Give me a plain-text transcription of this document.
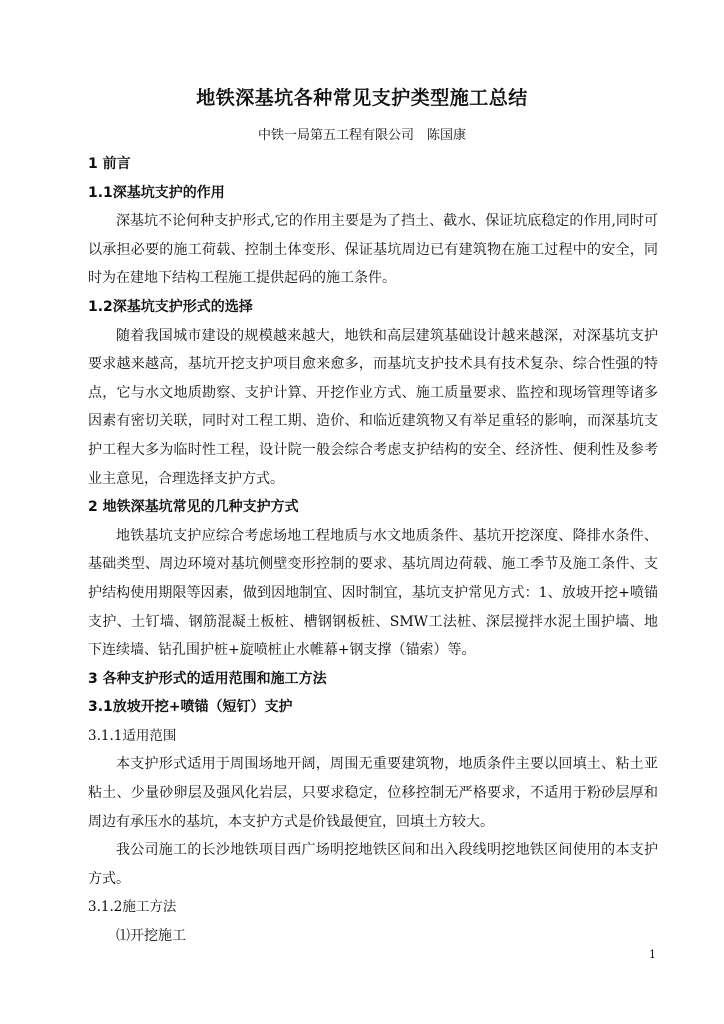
地铁深基坑各种常见支护类型施工总结
中铁一局第五工程有限公司　陈国康
1 前言
1.1深基坑支护的作用

深基坑不论何种支护形式,它的作用主要是为了挡土、截水、保证坑底稳定的作用,同时可以承担必要的施工荷载、控制土体变形、保证基坑周边已有建筑物在施工过程中的安全，同时为在建地下结构工程施工提供起码的施工条件。

1.2深基坑支护形式的选择

随着我国城市建设的规模越来越大，地铁和高层建筑基础设计越来越深，对深基坑支护要求越来越高，基坑开挖支护项目愈来愈多，而基坑支护技术具有技术复杂、综合性强的特点，它与水文地质勘察、支护计算、开挖作业方式、施工质量要求、监控和现场管理等诸多因素有密切关联，同时对工程工期、造价、和临近建筑物又有举足重轻的影响，而深基坑支护工程大多为临时性工程，设计院一般会综合考虑支护结构的安全、经济性、便利性及参考业主意见，合理选择支护方式。

2 地铁深基坑常见的几种支护方式

地铁基坑支护应综合考虑场地工程地质与水文地质条件、基坑开挖深度、降排水条件、基础类型、周边环境对基坑侧壁变形控制的要求、基坑周边荷载、施工季节及施工条件、支护结构使用期限等因素，做到因地制宜、因时制宜，基坑支护常见方式：1、放坡开挖+喷锚支护、土钉墙、钢筋混凝土板桩、槽钢钢板桩、SMW工法桩、深层搅拌水泥土围护墙、地下连续墙、钻孔围护桩+旋喷桩止水帷幕+钢支撑（锚索）等。

3 各种支护形式的适用范围和施工方法
3.1放坡开挖+喷锚（短钉）支护
3.1.1适用范围

本支护形式适用于周围场地开阔，周围无重要建筑物，地质条件主要以回填土、粘土亚粘土、少量砂卵层及强风化岩层，只要求稳定，位移控制无严格要求，不适用于粉砂层厚和周边有承压水的基坑，本支护方式是价钱最便宜，回填土方较大。

我公司施工的长沙地铁项目西广场明挖地铁区间和出入段线明挖地铁区间使用的本支护方式。

3.1.2施工方法
⑴开挖施工
1
